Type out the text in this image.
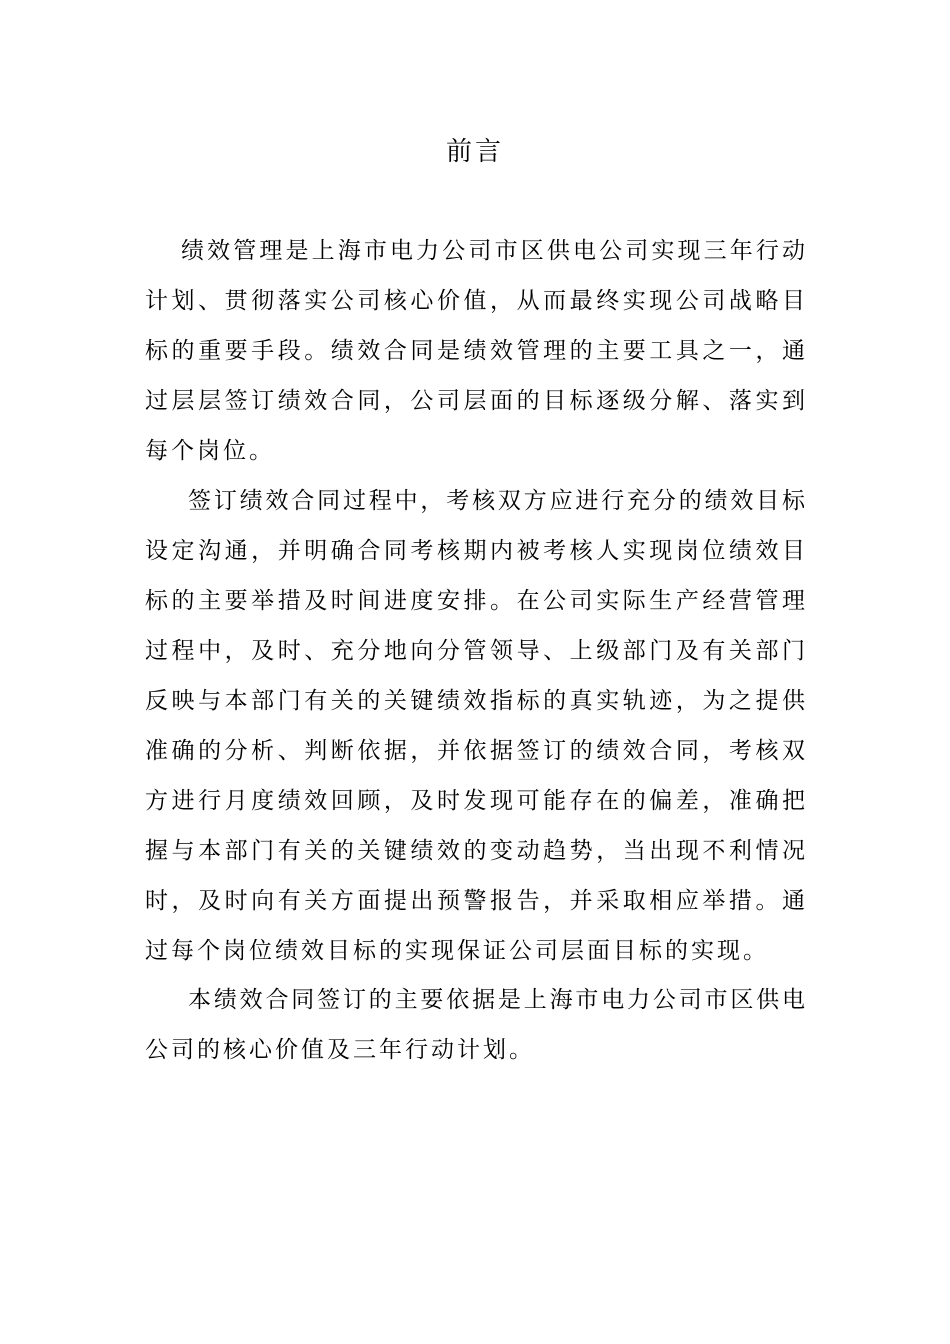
前言
绩效管理是上海市电力公司市区供电公司实现三年行动
计划、贯彻落实公司核心价值，从而最终实现公司战略目
标的重要手段。绩效合同是绩效管理的主要工具之一，通
过层层签订绩效合同，公司层面的目标逐级分解、落实到
每个岗位。
签订绩效合同过程中，考核双方应进行充分的绩效目标
设定沟通，并明确合同考核期内被考核人实现岗位绩效目
标的主要举措及时间进度安排。在公司实际生产经营管理
过程中，及时、充分地向分管领导、上级部门及有关部门
反映与本部门有关的关键绩效指标的真实轨迹，为之提供
准确的分析、判断依据，并依据签订的绩效合同，考核双
方进行月度绩效回顾，及时发现可能存在的偏差，准确把
握与本部门有关的关键绩效的变动趋势，当出现不利情况
时，及时向有关方面提出预警报告，并采取相应举措。通
过每个岗位绩效目标的实现保证公司层面目标的实现。
本绩效合同签订的主要依据是上海市电力公司市区供电
公司的核心价值及三年行动计划。
